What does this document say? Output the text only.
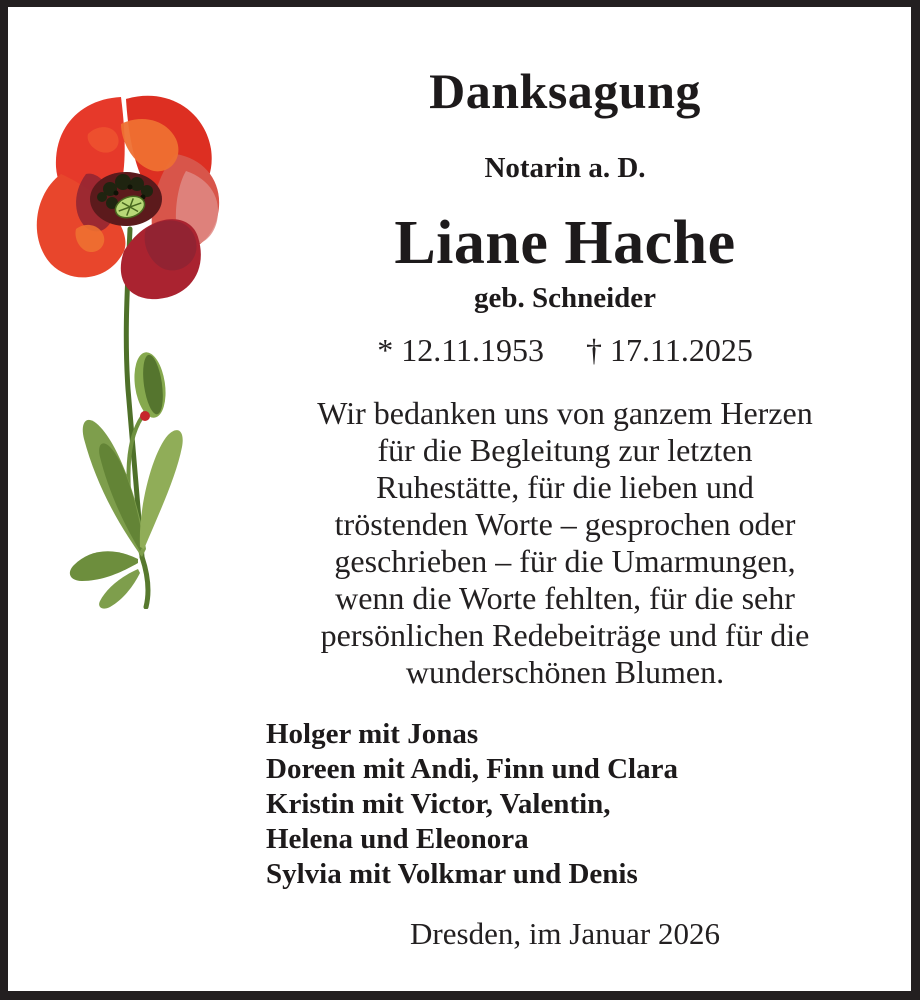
Danksagung
Notarin a. D.
Liane Hache
geb. Schneider
* 12.11.1953 † 17.11.2025
Wir bedanken uns von ganzem Herzen
für die Begleitung zur letzten
Ruhestätte, für die lieben und
tröstenden Worte – gesprochen oder
geschrieben – für die Umarmungen,
wenn die Worte fehlten, für die sehr
persönlichen Redebeiträge und für die
wunderschönen Blumen.
Holger mit Jonas
Doreen mit Andi, Finn und Clara
Kristin mit Victor, Valentin,
Helena und Eleonora
Sylvia mit Volkmar und Denis
Dresden, im Januar 2026
